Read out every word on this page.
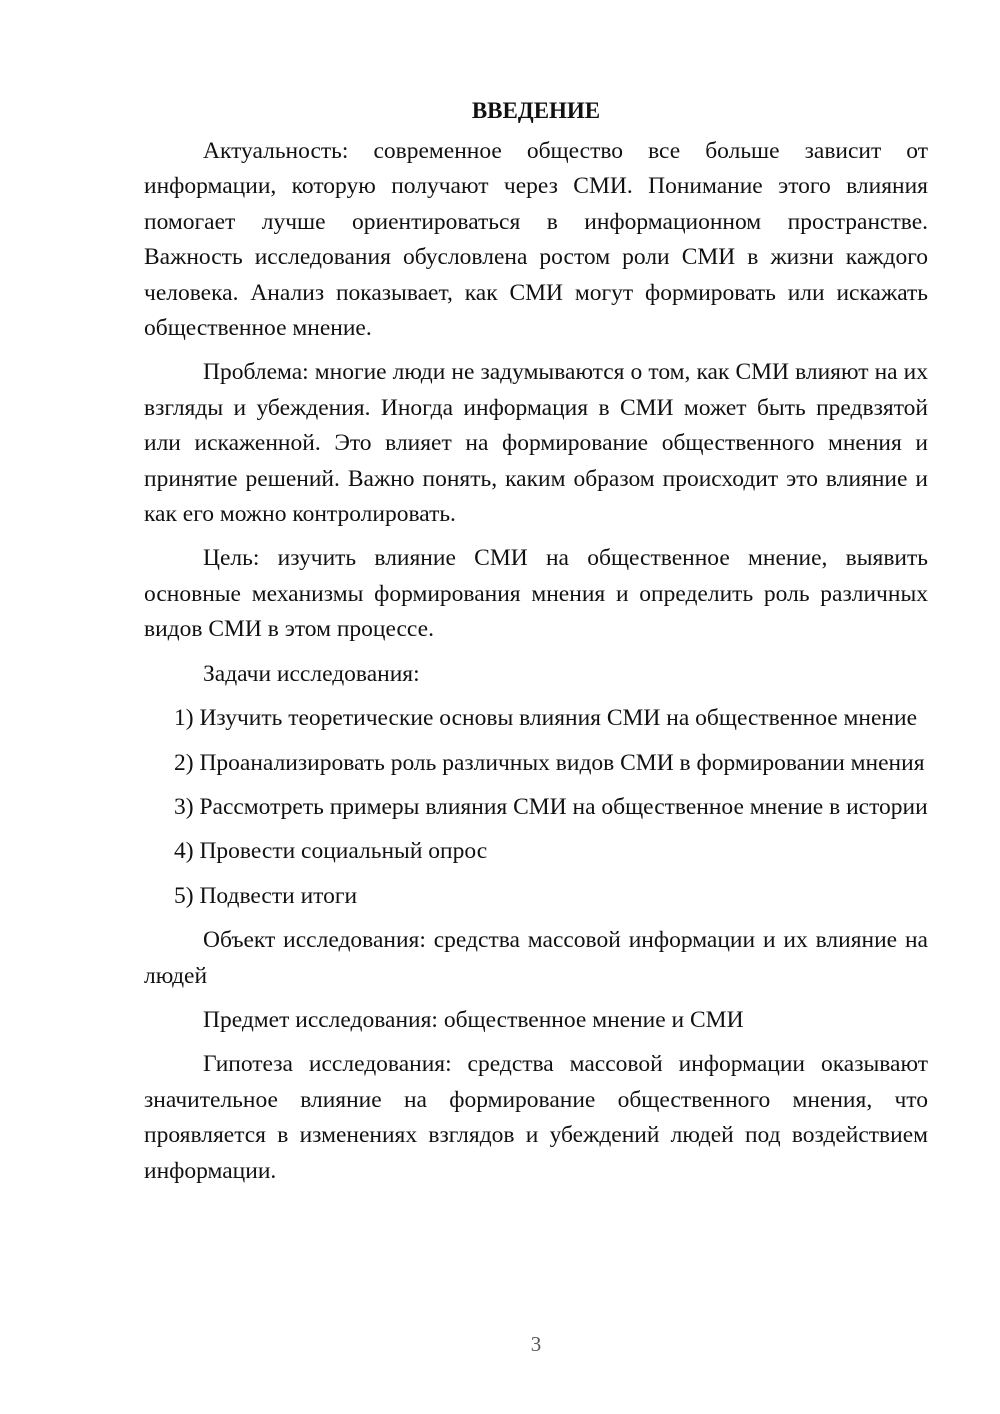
ВВЕДЕНИЕ

Актуальность: современное общество все больше зависит от информации, которую получают через СМИ. Понимание этого влияния помогает лучше ориентироваться в информационном пространстве. Важность исследования обусловлена ростом роли СМИ в жизни каждого человека. Анализ показывает, как СМИ могут формировать или искажать общественное мнение.

Проблема: многие люди не задумываются о том, как СМИ влияют на их взгляды и убеждения. Иногда информация в СМИ может быть предвзятой или искаженной. Это влияет на формирование общественного мнения и принятие решений. Важно понять, каким образом происходит это влияние и как его можно контролировать.

Цель: изучить влияние СМИ на общественное мнение, выявить основные механизмы формирования мнения и определить роль различных видов СМИ в этом процессе.

Задачи исследования:

1) Изучить теоретические основы влияния СМИ на общественное мнение

2) Проанализировать роль различных видов СМИ в формировании мнения

3) Рассмотреть примеры влияния СМИ на общественное мнение в истории

4) Провести социальный опрос

5) Подвести итоги

Объект исследования: средства массовой информации и их влияние на людей

Предмет исследования: общественное мнение и СМИ

Гипотеза исследования: средства массовой информации оказывают значительное влияние на формирование общественного мнения, что проявляется в изменениях взглядов и убеждений людей под воздействием информации.

3
